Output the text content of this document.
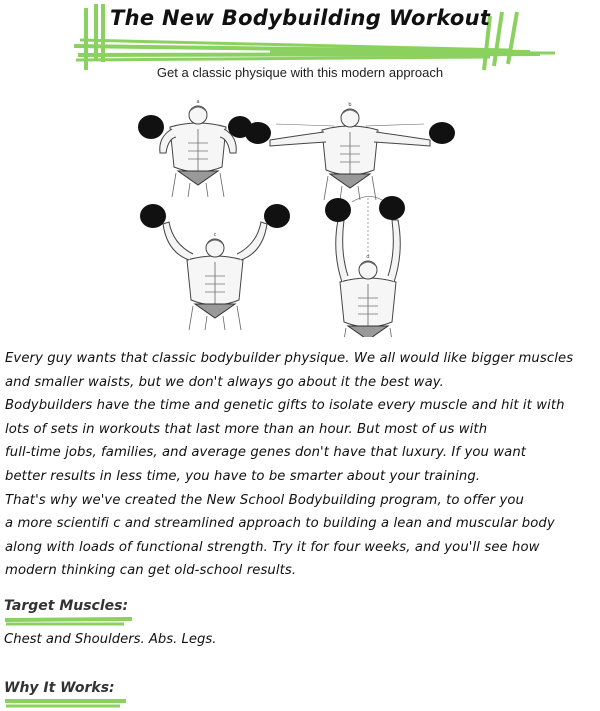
The New Bodybuilding Workout
Get a classic physique with this modern approach
a	b
c
d
Every guy wants that classic bodybuilder physique. We all would like bigger muscles
and smaller waists, but we don't always go about it the best way.
Bodybuilders have the time and genetic gifts to isolate every muscle and hit it with
lots of sets in workouts that last more than an hour. But most of us with
full-time jobs, families, and average genes don't have that luxury. If you want
better results in less time, you have to be smarter about your training.
That's why we've created the New School Bodybuilding program, to offer you
a more scientifi c and streamlined approach to building a lean and muscular body
along with loads of functional strength. Try it for four weeks, and you'll see how
modern thinking can get old-school results.
Target Muscles:
Chest and Shoulders. Abs. Legs.
Why It Works:
